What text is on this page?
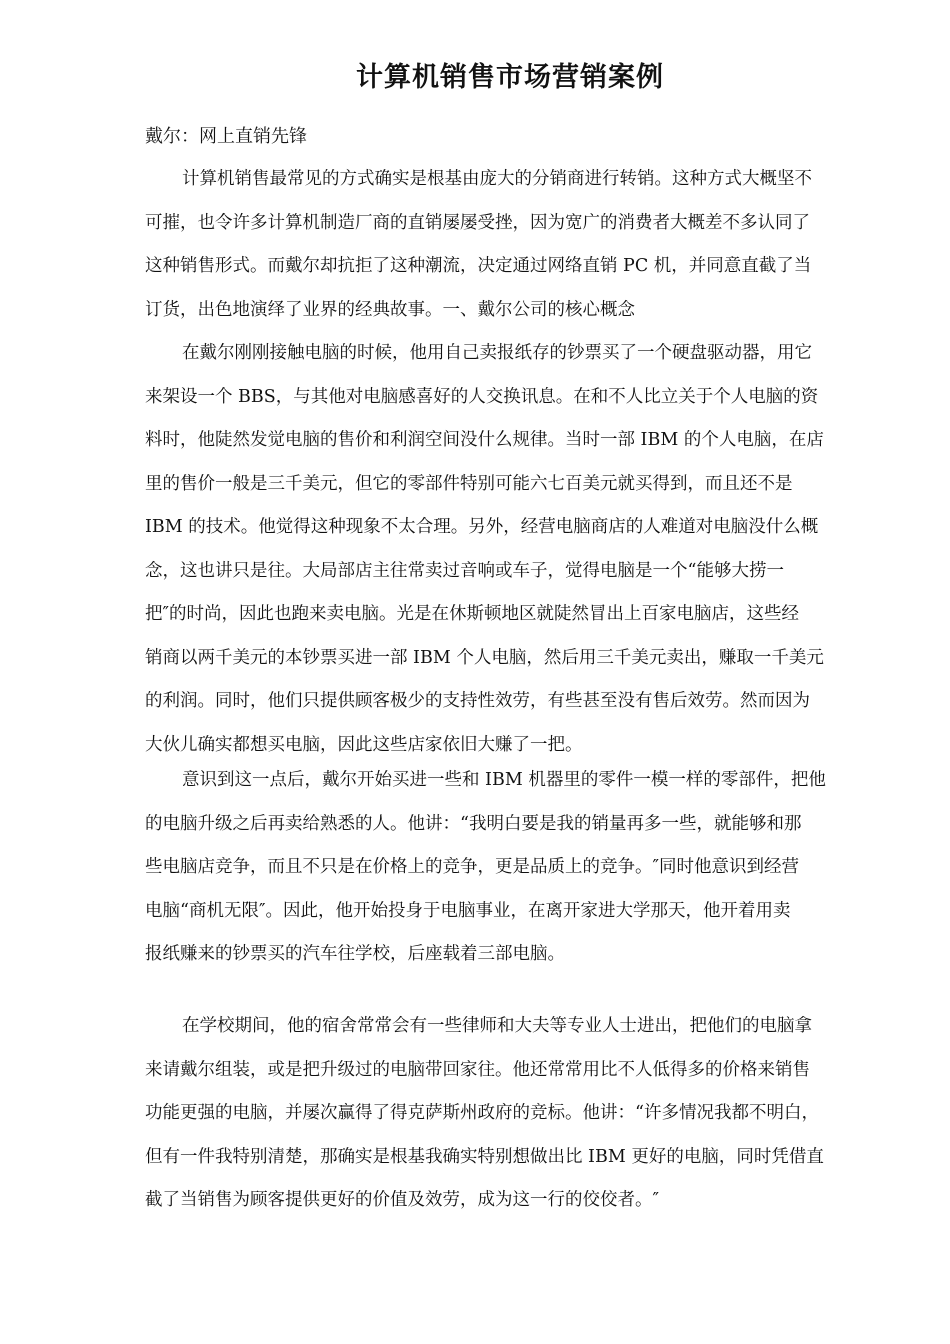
计算机销售市场营销案例

戴尔：网上直销先锋

计算机销售最常见的方式确实是根基由庞大的分销商进行转销。这种方式大概坚不
可摧，也令许多计算机制造厂商的直销屡屡受挫，因为宽广的消费者大概差不多认同了
这种销售形式。而戴尔却抗拒了这种潮流，决定通过网络直销 PC 机，并同意直截了当
订货，出色地演绎了业界的经典故事。一、戴尔公司的核心概念
在戴尔刚刚接触电脑的时候，他用自己卖报纸存的钞票买了一个硬盘驱动器，用它
来架设一个 BBS，与其他对电脑感喜好的人交换讯息。在和不人比立关于个人电脑的资
料时，他陡然发觉电脑的售价和利润空间没什么规律。当时一部 IBM 的个人电脑，在店
里的售价一般是三千美元，但它的零部件特别可能六七百美元就买得到，而且还不是
IBM 的技术。他觉得这种现象不太合理。另外，经营电脑商店的人难道对电脑没什么概
念，这也讲只是往。大局部店主往常卖过音响或车子，觉得电脑是一个“能够大捞一
把″的时尚，因此也跑来卖电脑。光是在休斯顿地区就陡然冒出上百家电脑店，这些经
销商以两千美元的本钞票买进一部 IBM 个人电脑，然后用三千美元卖出，赚取一千美元
的利润。同时，他们只提供顾客极少的支持性效劳，有些甚至没有售后效劳。然而因为
大伙儿确实都想买电脑，因此这些店家依旧大赚了一把。
意识到这一点后，戴尔开始买进一些和 IBM 机器里的零件一模一样的零部件，把他
的电脑升级之后再卖给熟悉的人。他讲：“我明白要是我的销量再多一些，就能够和那
些电脑店竞争，而且不只是在价格上的竞争，更是品质上的竞争。″同时他意识到经营
电脑“商机无限″。因此，他开始投身于电脑事业，在离开家进大学那天，他开着用卖
报纸赚来的钞票买的汽车往学校，后座载着三部电脑。
在学校期间，他的宿舍常常会有一些律师和大夫等专业人士进出，把他们的电脑拿
来请戴尔组装，或是把升级过的电脑带回家往。他还常常用比不人低得多的价格来销售
功能更强的电脑，并屡次赢得了得克萨斯州政府的竞标。他讲：“许多情况我都不明白，
但有一件我特别清楚，那确实是根基我确实特别想做出比 IBM 更好的电脑，同时凭借直
截了当销售为顾客提供更好的价值及效劳，成为这一行的佼佼者。″
